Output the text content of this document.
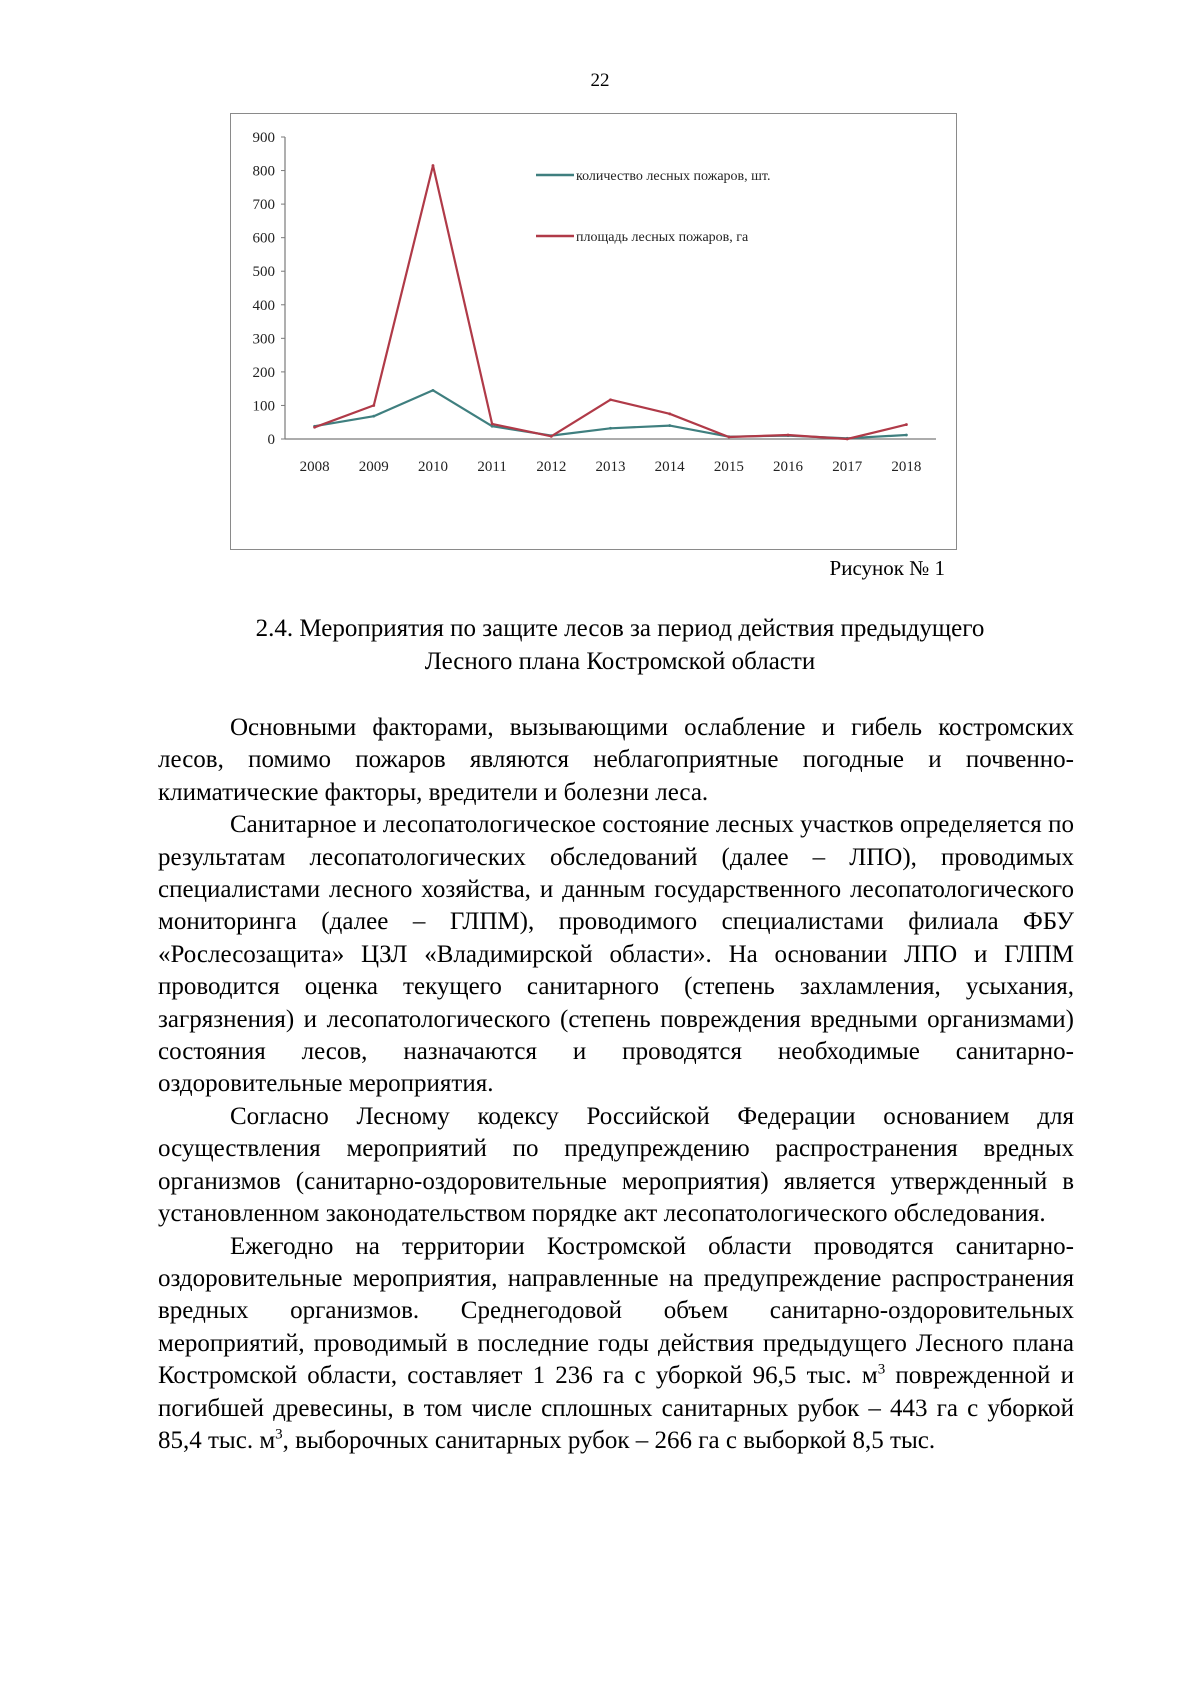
22
0
100
200
300
400
500
600
700
800
900
2008 2009 2010 2011 2012 2013 2014 2015 2016 2017 2018
количество лесных пожаров, шт.
площадь лесных пожаров, га
Рисунок № 1
2.4. Мероприятия по защите лесов за период действия предыдущего
Лесного плана Костромской области

Основными факторами, вызывающими ослабление и гибель костромских лесов, помимо пожаров являются неблагоприятные погодные и почвенно-климатические факторы, вредители и болезни леса.

Санитарное и лесопатологическое состояние лесных участков определяется по результатам лесопатологических обследований (далее – ЛПО), проводимых специалистами лесного хозяйства, и данным государственного лесопатологического мониторинга (далее – ГЛПМ), проводимого специалистами филиала ФБУ «Рослесозащита» ЦЗЛ «Владимирской области». На основании ЛПО и ГЛПМ проводится оценка текущего санитарного (степень захламления, усыхания, загрязнения) и лесопатологического (степень повреждения вредными организмами) состояния лесов, назначаются и проводятся необходимые санитарно-оздоровительные мероприятия.

Согласно Лесному кодексу Российской Федерации основанием для осуществления мероприятий по предупреждению распространения вредных организмов (санитарно-оздоровительные мероприятия) является утвержденный в установленном законодательством порядке акт лесопатологического обследования.

Ежегодно на территории Костромской области проводятся санитарно-оздоровительные мероприятия, направленные на предупреждение распространения вредных организмов. Среднегодовой объем санитарно-оздоровительных мероприятий, проводимый в последние годы действия предыдущего Лесного плана Костромской области, составляет 1 236 га с уборкой 96,5 тыс. $м^3$ поврежденной и погибшей древесины, в том числе сплошных санитарных рубок – 443 га с уборкой 85,4 тыс. $м^3$, выборочных санитарных рубок – 266 га с выборкой 8,5 тыс.
